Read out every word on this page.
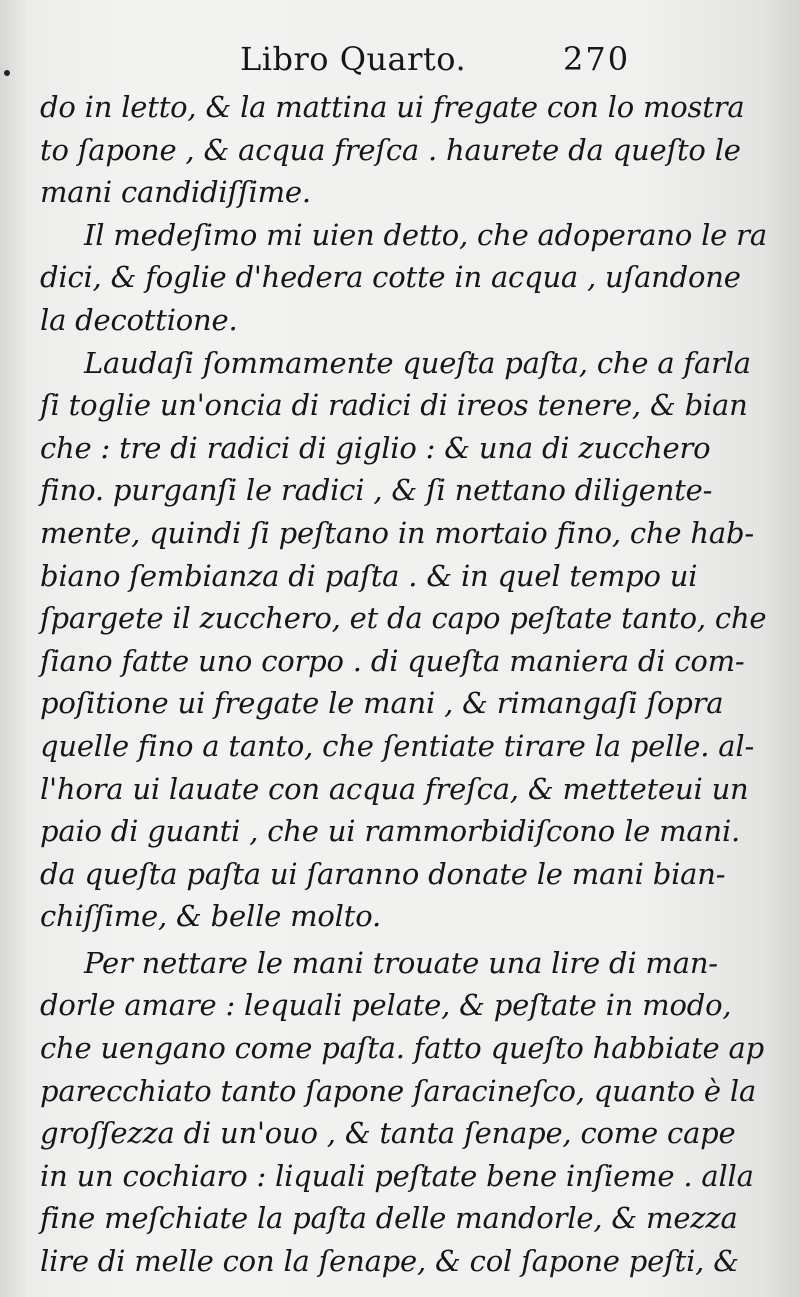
Libro Quarto.	270
do in letto, & la mattina ui fregate con lo mostra
to ſapone , & acqua freſca . haurete da queſto le
mani candidiſſime.
Il medeſimo mi uien detto, che adoperano le ra
dici, & foglie d'hedera cotte in acqua , uſandone
la decottione.
Laudaſi ſommamente queſta paſta, che a farla
ſi toglie un'oncia di radici di ireos tenere, & bian
che : tre di radici di giglio : & una di zucchero
fino. purganſi le radici , & ſi nettano diligente-
mente, quindi ſi peſtano in mortaio fino, che hab-
biano ſembianza di paſta . & in quel tempo ui
ſpargete il zucchero, et da capo peſtate tanto, che
ſiano fatte uno corpo . di queſta maniera di com-
poſitione ui fregate le mani , & rimangaſi ſopra
quelle fino a tanto, che ſentiate tirare la pelle. al-
l'hora ui lauate con acqua freſca, & metteteui un
paio di guanti , che ui rammorbidiſcono le mani.
da queſta paſta ui ſaranno donate le mani bian-
chiſſime, & belle molto.
Per nettare le mani trouate una lire di man-
dorle amare : lequali pelate, & peſtate in modo,
che uengano come paſta. fatto queſto habbiate ap
parecchiato tanto ſapone ſaracineſco, quanto è la
groſſezza di un'ouo , & tanta ſenape, come cape
in un cochiaro : liquali peſtate bene inſieme . alla
fine meſchiate la paſta delle mandorle, & mezza
lire di melle con la ſenape, & col ſapone peſti, &
